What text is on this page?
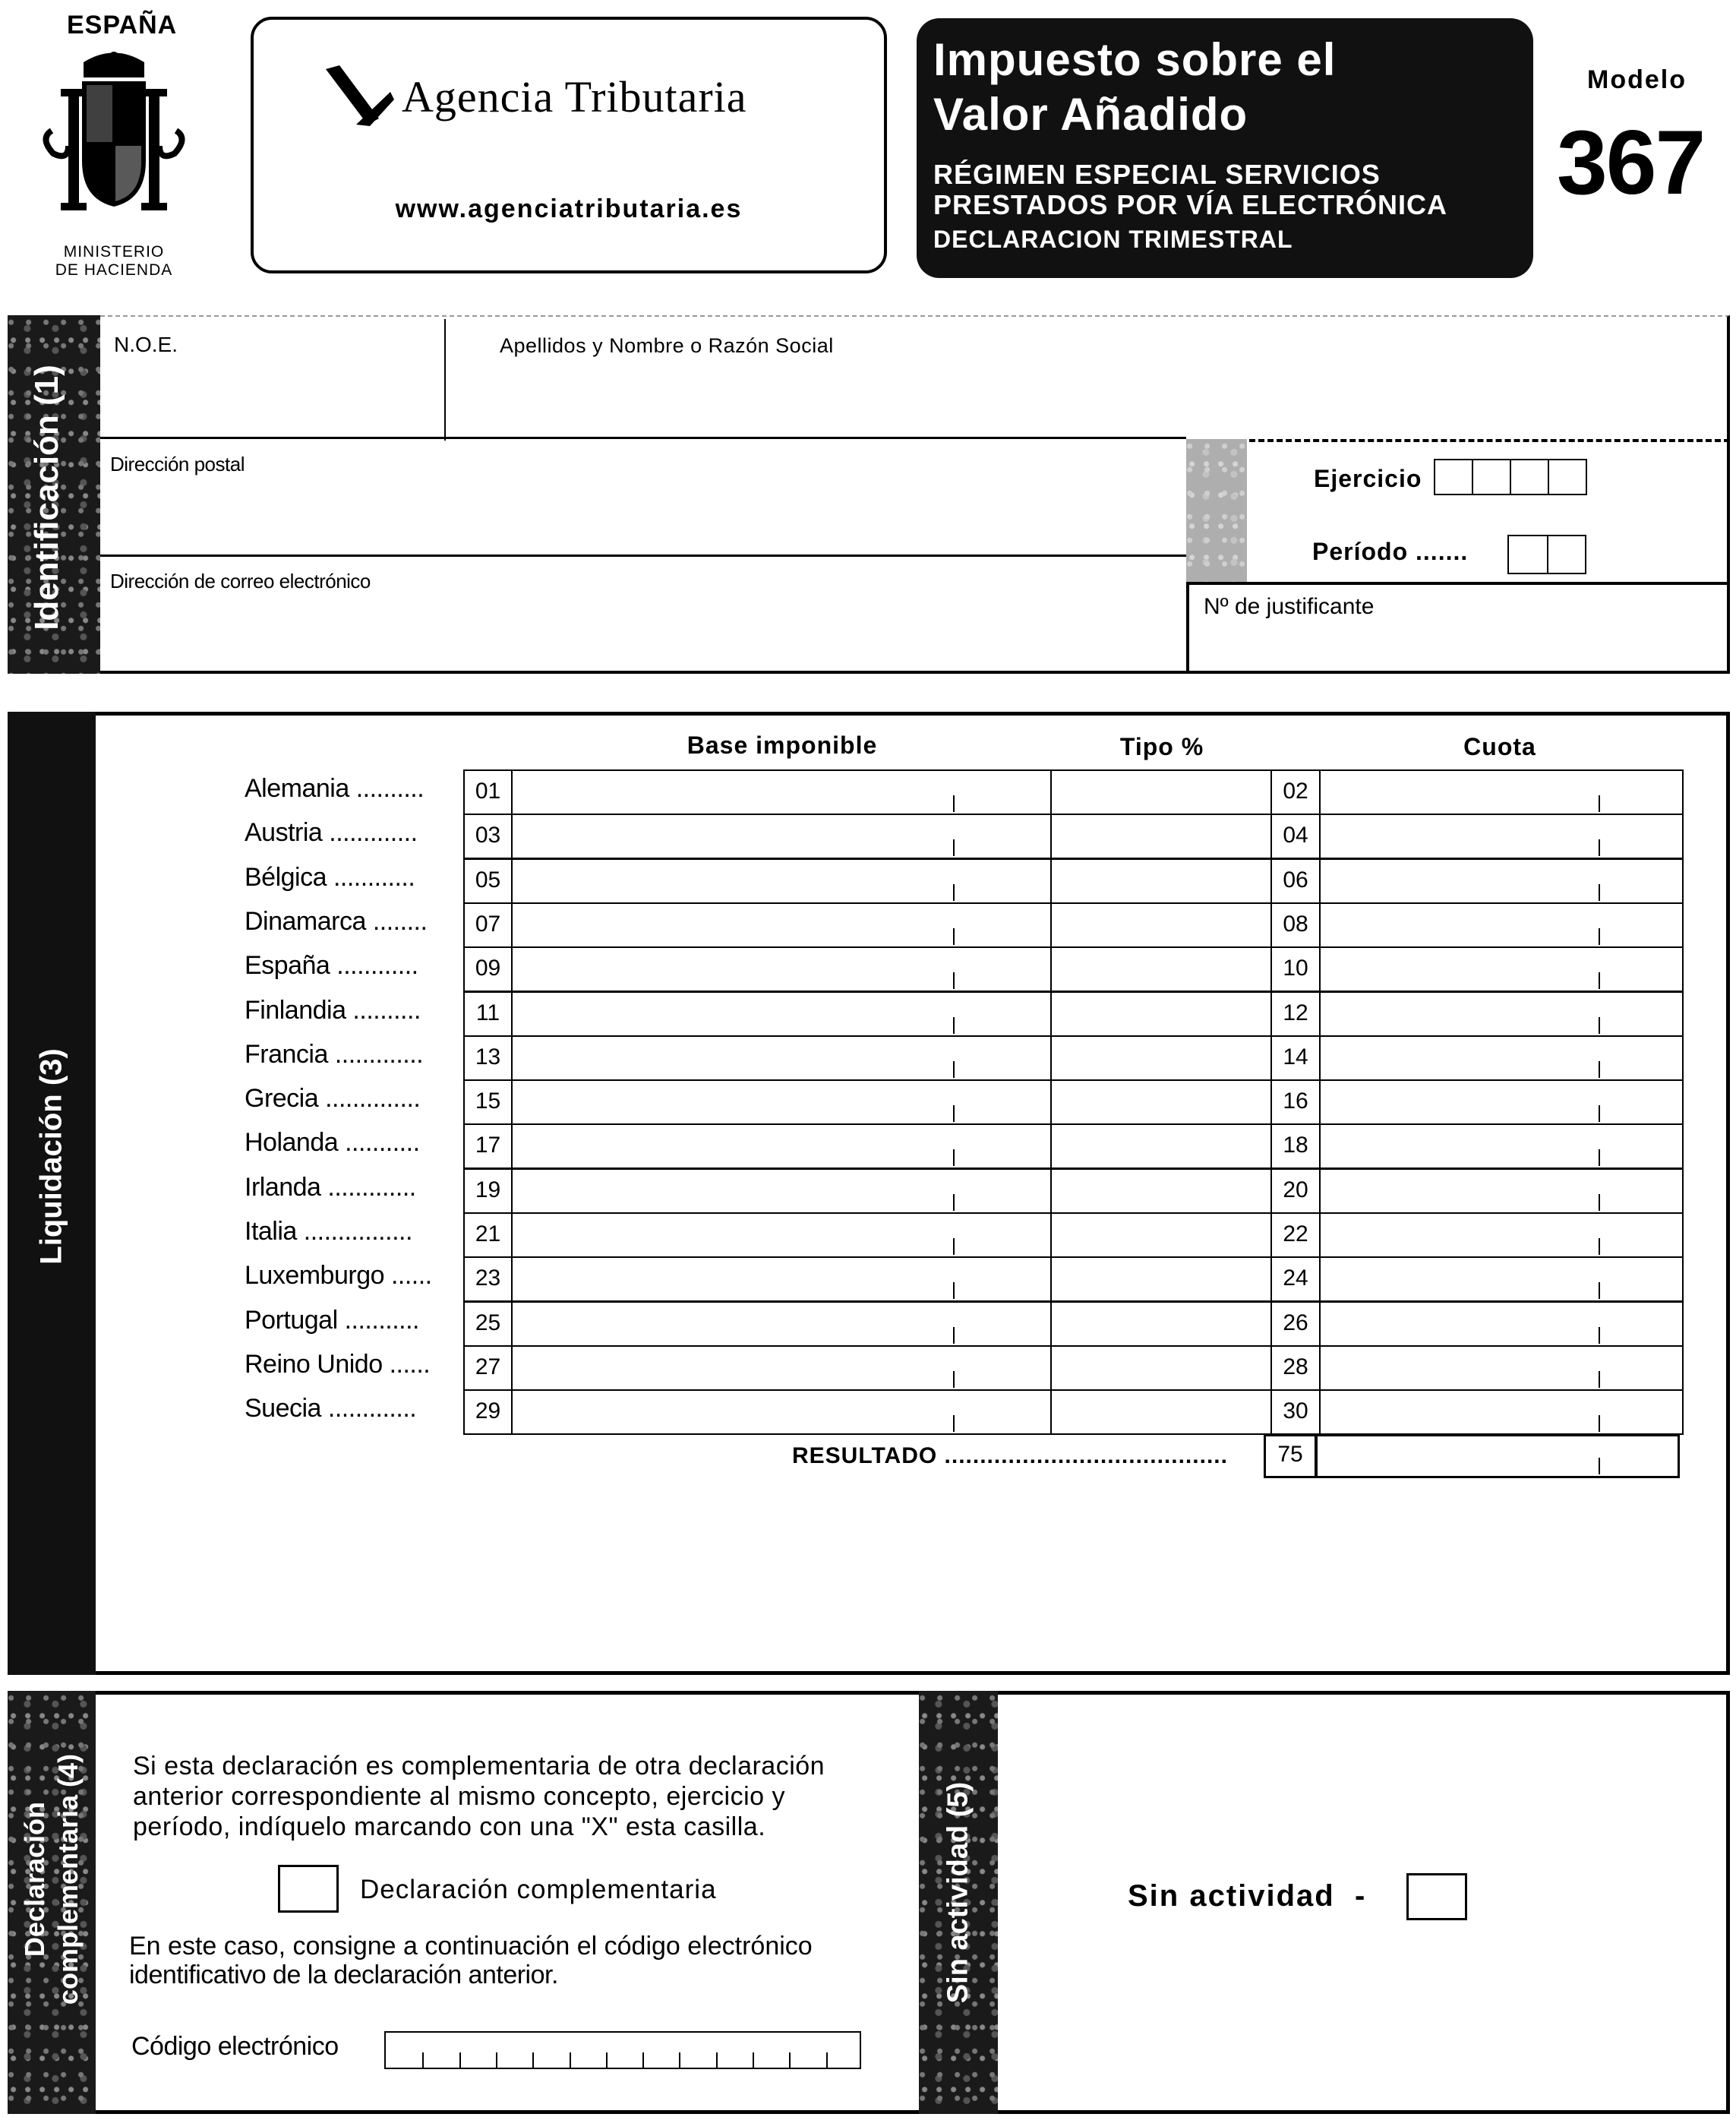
ESPAÑA
MINISTERIO
DE HACIENDA
Agencia Tributaria
www.agenciatributaria.es
Impuesto sobre el
Valor Añadido
RÉGIMEN ESPECIAL SERVICIOS
PRESTADOS POR VÍA ELECTRÓNICA
DECLARACION TRIMESTRAL
Modelo
367
Identificación (1)
N.O.E.	Apellidos y Nombre o Razón Social
Dirección postal
Dirección de correo electrónico
Ejercicio
Período .......
Nº de justificante
Liquidación (3)
Base imponible	Tipo %	Cuota
Alemania ..........	01	02
Austria .............	03	04
Bélgica ............	05	06
Dinamarca ........	07	08
España ............	09	10
Finlandia ..........	11	12
Francia .............	13	14
Grecia ..............	15	16
Holanda ...........	17	18
Irlanda .............	19	20
Italia ................	21	22
Luxemburgo ......	23	24
Portugal ...........	25	26
Reino Unido ......	27	28
Suecia .............	29	30
RESULTADO ........................................	75
Declaración complementaria (4) Si esta declaración es complementaria de otra declaración
anterior correspondiente al mismo concepto, ejercicio y
período, indíquelo marcando con una "X" esta casilla.
Declaración complementaria
En este caso, consigne a continuación el código electrónico
identificativo de la declaración anterior.
Código electrónico
Sin actividad (5)	Sin actividad  -
